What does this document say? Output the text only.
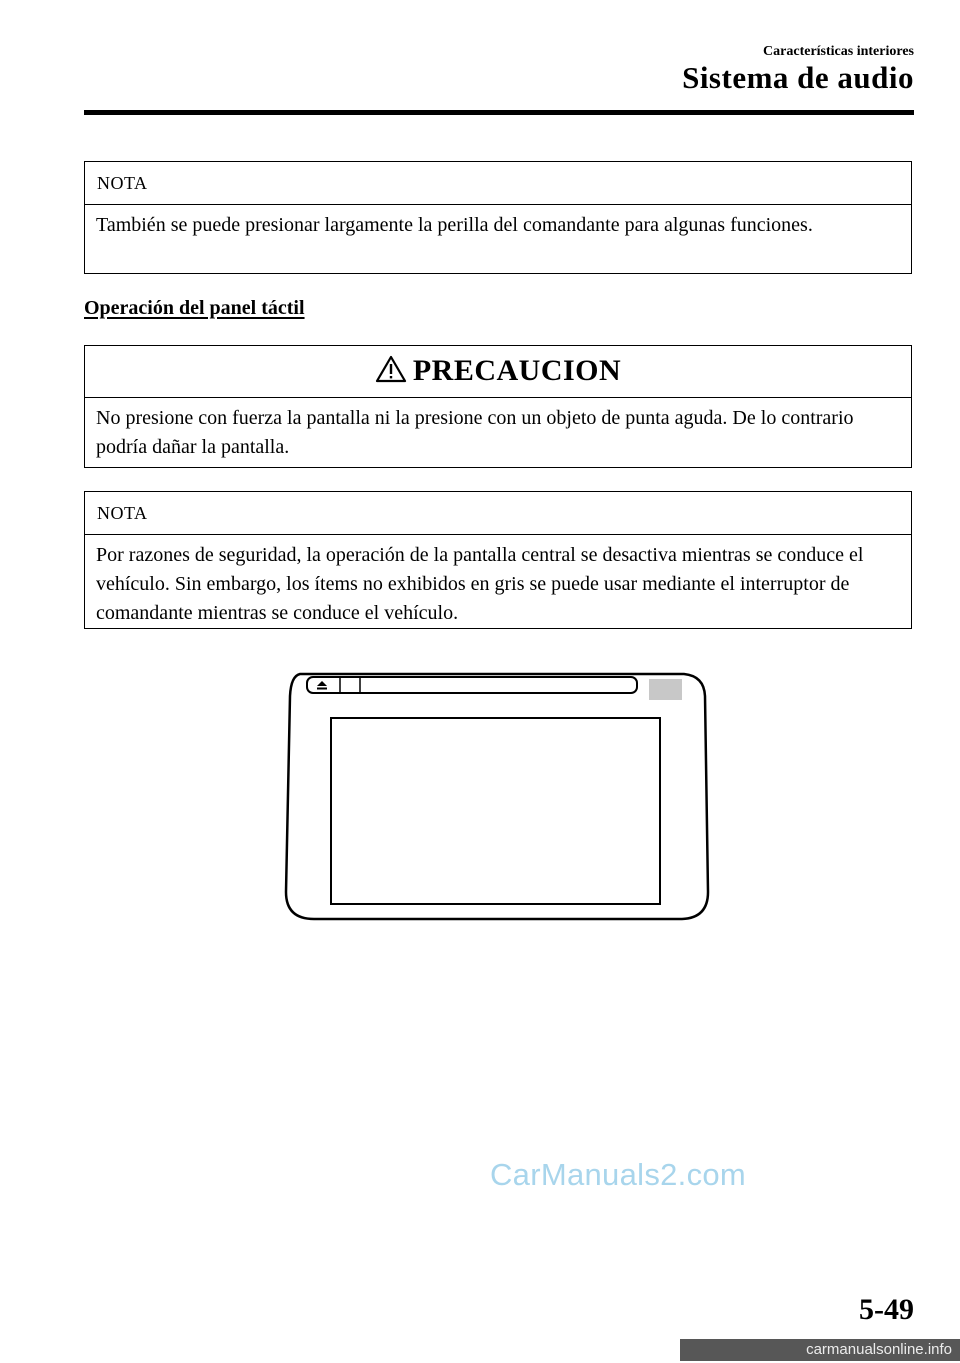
Características interiores
Sistema de audio
NOTA
También se puede presionar largamente la perilla del comandante para algunas funciones.
Operación del panel táctil
PRECAUCION
No presione con fuerza la pantalla ni la presione con un objeto de punta aguda. De lo contrario podría dañar la pantalla.
NOTA
Por razones de seguridad, la operación de la pantalla central se desactiva mientras se conduce el vehículo. Sin embargo, los ítems no exhibidos en gris se puede usar mediante el interruptor de comandante mientras se conduce el vehículo.
CarManuals2.com
5-49
carmanualsonline.info
